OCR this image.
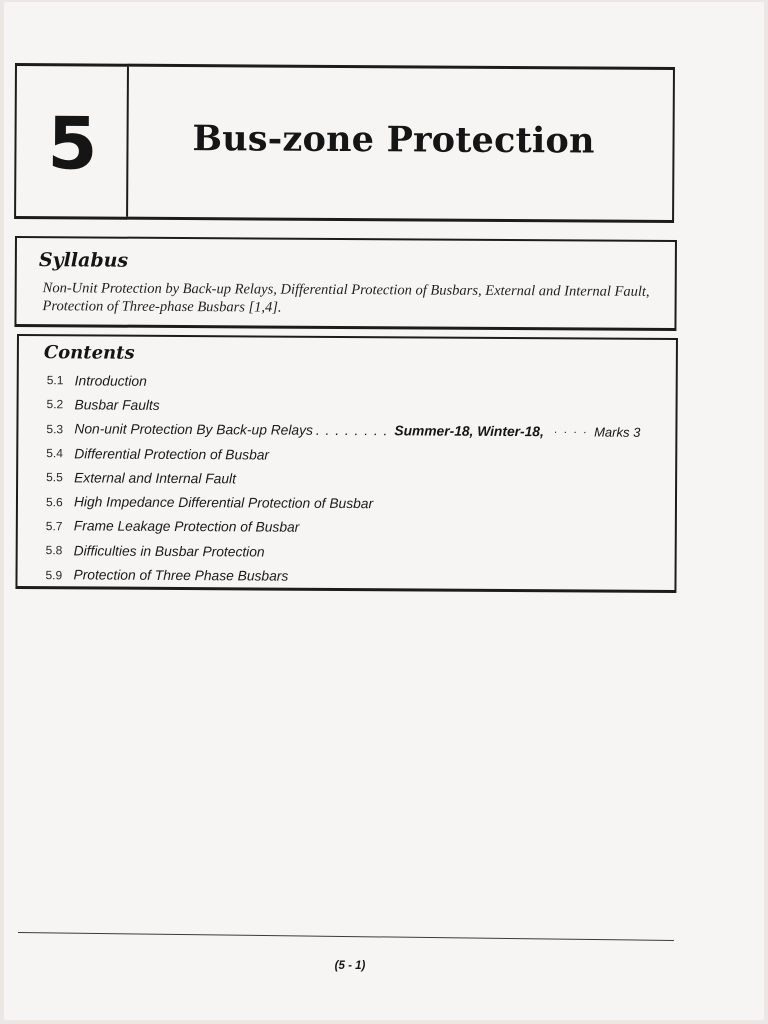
5	Bus-zone Protection
Syllabus

Non-Unit Protection by Back-up Relays, Differential Protection of Busbars, External and Internal Fault, Protection of Three-phase Busbars [1,4].

Contents
5.1 Introduction
5.2 Busbar Faults
5.3 Non-unit Protection By Back-up Relays . . . . . . . . Summer-18, Winter-18, · · · · Marks 3
5.4 Differential Protection of Busbar
5.5 External and Internal Fault
5.6 High Impedance Differential Protection of Busbar
5.7 Frame Leakage Protection of Busbar
5.8 Difficulties in Busbar Protection
5.9 Protection of Three Phase Busbars
(5 - 1)
